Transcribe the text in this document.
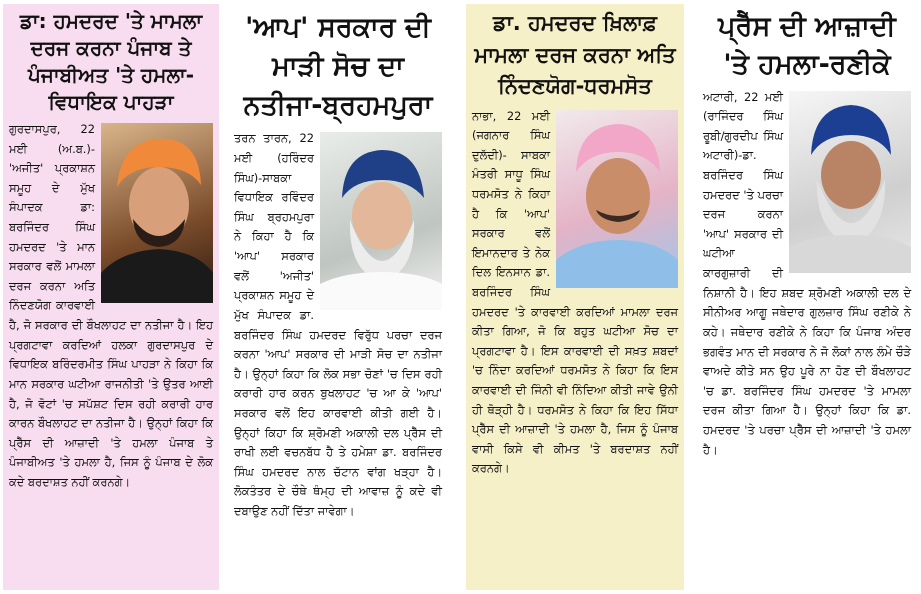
ਡਾ: ਹਮਦਰਦ 'ਤੇ ਮਾਮਲਾ ਦਰਜ ਕਰਨਾ ਪੰਜਾਬ ਤੇ ਪੰਜਾਬੀਅਤ 'ਤੇ ਹਮਲਾ-ਵਿਧਾਇਕ ਪਾਹੜਾ
ਗੁਰਦਾਸਪੁਰ, 22 ਮਈ (ਅ.ਬ.)- 'ਅਜੀਤ' ਪ੍ਰਕਾਸ਼ਨ ਸਮੂਹ ਦੇ ਮੁੱਖ ਸੰਪਾਦਕ ਡਾ: ਬਰਜਿੰਦਰ ਸਿੰਘ ਹਮਦਰਦ 'ਤੇ ਮਾਨ ਸਰਕਾਰ ਵਲੋਂ ਮਾਮਲਾ ਦਰਜ ਕਰਨਾ ਅਤਿ ਨਿੰਦਣਯੋਗ ਕਾਰਵਾਈ ਹੈ, ਜੋ ਸਰਕਾਰ ਦੀ ਬੌਖਲਾਹਟ ਦਾ ਨਤੀਜਾ ਹੈ। ਇਹ ਪ੍ਰਗਟਾਵਾ ਕਰਦਿਆਂ ਹਲਕਾ ਗੁਰਦਾਸਪੁਰ ਦੇ ਵਿਧਾਇਕ ਬਰਿੰਦਰਮੀਤ ਸਿੰਘ ਪਾਹੜਾ ਨੇ ਕਿਹਾ ਕਿ ਮਾਨ ਸਰਕਾਰ ਘਟੀਆ ਰਾਜਨੀਤੀ 'ਤੇ ਉਤਰ ਆਈ ਹੈ, ਜੋ ਵੋਟਾਂ 'ਚ ਸਪੱਸ਼ਟ ਦਿਸ ਰਹੀ ਕਰਾਰੀ ਹਾਰ ਕਾਰਨ ਬੌਖਲਾਹਟ ਦਾ ਨਤੀਜਾ ਹੈ। ਉਨ੍ਹਾਂ ਕਿਹਾ ਕਿ ਪ੍ਰੈੱਸ ਦੀ ਆਜ਼ਾਦੀ 'ਤੇ ਹਮਲਾ ਪੰਜਾਬ ਤੇ ਪੰਜਾਬੀਅਤ 'ਤੇ ਹਮਲਾ ਹੈ, ਜਿਸ ਨੂੰ ਪੰਜਾਬ ਦੇ ਲੋਕ ਕਦੇ ਬਰਦਾਸ਼ਤ ਨਹੀਂ ਕਰਨਗੇ।
'ਆਪ' ਸਰਕਾਰ ਦੀ ਮਾੜੀ ਸੋਚ ਦਾ ਨਤੀਜਾ-ਬ੍ਰਹਮਪੁਰਾ
ਤਰਨ ਤਾਰਨ, 22 ਮਈ (ਹਰਿੰਦਰ ਸਿੰਘ)-ਸਾਬਕਾ ਵਿਧਾਇਕ ਰਵਿੰਦਰ ਸਿੰਘ ਬ੍ਰਹਮਪੁਰਾ ਨੇ ਕਿਹਾ ਹੈ ਕਿ 'ਆਪ' ਸਰਕਾਰ ਵਲੋਂ 'ਅਜੀਤ' ਪ੍ਰਕਾਸ਼ਨ ਸਮੂਹ ਦੇ ਮੁੱਖ ਸੰਪਾਦਕ ਡਾ. ਬਰਜਿੰਦਰ ਸਿੰਘ ਹਮਦਰਦ ਵਿਰੁੱਧ ਪਰਚਾ ਦਰਜ ਕਰਨਾ 'ਆਪ' ਸਰਕਾਰ ਦੀ ਮਾੜੀ ਸੋਚ ਦਾ ਨਤੀਜਾ ਹੈ। ਉਨ੍ਹਾਂ ਕਿਹਾ ਕਿ ਲੋਕ ਸਭਾ ਚੋਣਾਂ 'ਚ ਦਿਸ ਰਹੀ ਕਰਾਰੀ ਹਾਰ ਕਰਨ ਬੁਖਲਾਹਟ 'ਚ ਆ ਕੇ 'ਆਪ' ਸਰਕਾਰ ਵਲੋਂ ਇਹ ਕਾਰਵਾਈ ਕੀਤੀ ਗਈ ਹੈ। ਉਨ੍ਹਾਂ ਕਿਹਾ ਕਿ ਸ਼੍ਰੋਮਣੀ ਅਕਾਲੀ ਦਲ ਪ੍ਰੈੱਸ ਦੀ ਰਾਖੀ ਲਈ ਵਚਨਬੱਧ ਹੈ ਤੇ ਹਮੇਸ਼ਾ ਡਾ. ਬਰਜਿੰਦਰ ਸਿੰਘ ਹਮਦਰਦ ਨਾਲ ਚੱਟਾਨ ਵਾਂਗ ਖੜ੍ਹਾ ਹੈ। ਲੋਕਤੰਤਰ ਦੇ ਚੌਥੇ ਥੰਮ੍ਹ ਦੀ ਆਵਾਜ਼ ਨੂੰ ਕਦੇ ਵੀ ਦਬਾਉਣ ਨਹੀਂ ਦਿੱਤਾ ਜਾਵੇਗਾ।
ਡਾ. ਹਮਦਰਦ ਖ਼ਿਲਾਫ਼ ਮਾਮਲਾ ਦਰਜ ਕਰਨਾ ਅਤਿ ਨਿੰਦਣਯੋਗ-ਧਰਮਸੋਤ
ਨਾਭਾ, 22 ਮਈ (ਜਗਨਾਰ ਸਿੰਘ ਦੁਲੱਦੀ)- ਸਾਬਕਾ ਮੰਤਰੀ ਸਾਧੂ ਸਿੰਘ ਧਰਮਸੋਤ ਨੇ ਕਿਹਾ ਹੈ ਕਿ 'ਆਪ' ਸਰਕਾਰ ਵਲੋਂ ਇਮਾਨਦਾਰ ਤੇ ਨੇਕ ਦਿਲ ਇਨਸਾਨ ਡਾ. ਬਰਜਿੰਦਰ ਸਿੰਘ ਹਮਦਰਦ 'ਤੇ ਕਾਰਵਾਈ ਕਰਦਿਆਂ ਮਾਮਲਾ ਦਰਜ ਕੀਤਾ ਗਿਆ, ਜੋ ਕਿ ਬਹੁਤ ਘਟੀਆ ਸੋਚ ਦਾ ਪ੍ਰਗਟਾਵਾ ਹੈ। ਇਸ ਕਾਰਵਾਈ ਦੀ ਸਖ਼ਤ ਸ਼ਬਦਾਂ 'ਚ ਨਿੰਦਾ ਕਰਦਿਆਂ ਧਰਮਸੋਤ ਨੇ ਕਿਹਾ ਕਿ ਇਸ ਕਾਰਵਾਈ ਦੀ ਜਿੰਨੀ ਵੀ ਨਿੰਦਿਆ ਕੀਤੀ ਜਾਵੇ ਉਨੀ ਹੀ ਥੋੜ੍ਹੀ ਹੈ। ਧਰਮਸੋਤ ਨੇ ਕਿਹਾ ਕਿ ਇਹ ਸਿੱਧਾ ਪ੍ਰੈੱਸ ਦੀ ਆਜ਼ਾਦੀ 'ਤੇ ਹਮਲਾ ਹੈ, ਜਿਸ ਨੂੰ ਪੰਜਾਬ ਵਾਸੀ ਕਿਸੇ ਵੀ ਕੀਮਤ 'ਤੇ ਬਰਦਾਸ਼ਤ ਨਹੀਂ ਕਰਨਗੇ।
ਪ੍ਰੈੱਸ ਦੀ ਆਜ਼ਾਦੀ 'ਤੇ ਹਮਲਾ-ਰਣੀਕੇ
ਅਟਾਰੀ, 22 ਮਈ (ਰਾਜਿੰਦਰ ਸਿੰਘ ਰੂਬੀ/ਗੁਰਦੀਪ ਸਿੰਘ ਅਟਾਰੀ)-ਡਾ. ਬਰਜਿੰਦਰ ਸਿੰਘ ਹਮਦਰਦ 'ਤੇ ਪਰਚਾ ਦਰਜ ਕਰਨਾ 'ਆਪ' ਸਰਕਾਰ ਦੀ ਘਟੀਆ ਕਾਰਗੁਜ਼ਾਰੀ ਦੀ ਨਿਸ਼ਾਨੀ ਹੈ। ਇਹ ਸ਼ਬਦ ਸ਼੍ਰੋਮਣੀ ਅਕਾਲੀ ਦਲ ਦੇ ਸੀਨੀਅਰ ਆਗੂ ਜਥੇਦਾਰ ਗੁਲਜ਼ਾਰ ਸਿੰਘ ਰਣੀਕੇ ਨੇ ਕਹੇ। ਜਥੇਦਾਰ ਰਣੀਕੇ ਨੇ ਕਿਹਾ ਕਿ ਪੰਜਾਬ ਅੰਦਰ ਭਗਵੰਤ ਮਾਨ ਦੀ ਸਰਕਾਰ ਨੇ ਜੋ ਲੋਕਾਂ ਨਾਲ ਲੰਮੇ ਚੌੜੇ ਵਾਅਦੇ ਕੀਤੇ ਸਨ ਉਹ ਪੂਰੇ ਨਾ ਹੋਣ ਦੀ ਬੌਖਲਾਹਟ 'ਚ ਡਾ. ਬਰਜਿੰਦਰ ਸਿੰਘ ਹਮਦਰਦ 'ਤੇ ਮਾਮਲਾ ਦਰਜ ਕੀਤਾ ਗਿਆ ਹੈ। ਉਨ੍ਹਾਂ ਕਿਹਾ ਕਿ ਡਾ. ਹਮਦਰਦ 'ਤੇ ਪਰਚਾ ਪ੍ਰੈੱਸ ਦੀ ਆਜ਼ਾਦੀ 'ਤੇ ਹਮਲਾ ਹੈ।
